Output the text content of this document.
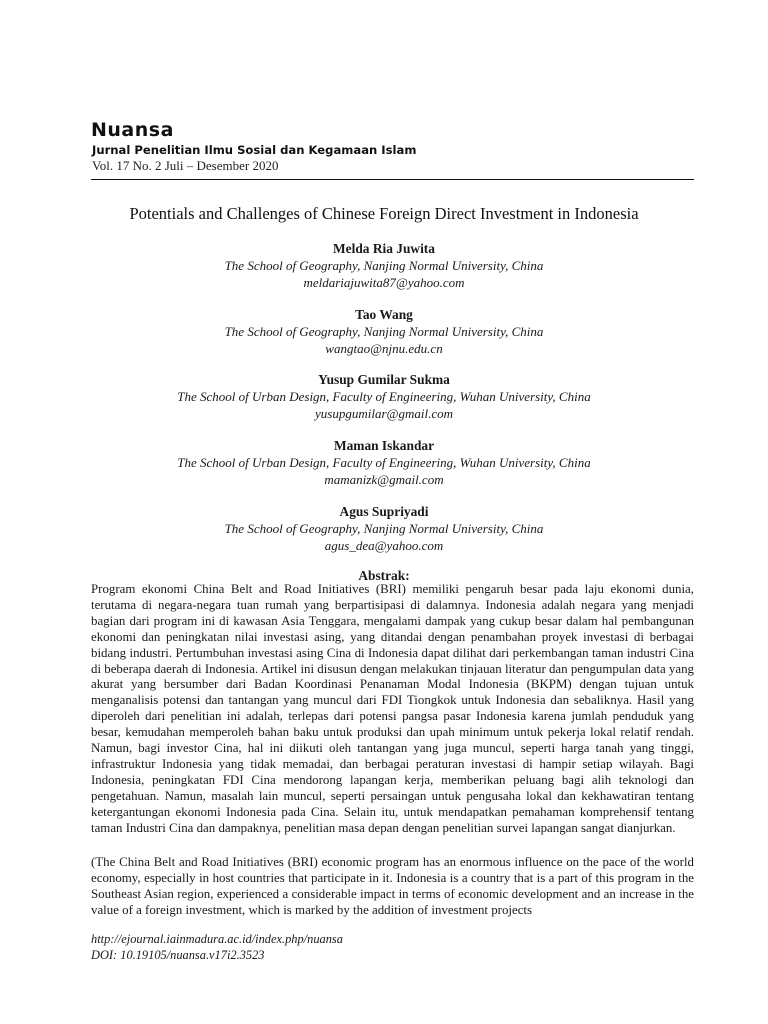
Nuansa
Jurnal Penelitian Ilmu Sosial dan Kegamaan Islam
Vol. 17 No. 2 Juli – Desember 2020
Potentials and Challenges of Chinese Foreign Direct Investment in Indonesia
Melda Ria Juwita
The School of Geography, Nanjing Normal University, China
meldariajuwita87@yahoo.com
Tao Wang
The School of Geography, Nanjing Normal University, China
wangtao@njnu.edu.cn
Yusup Gumilar Sukma
The School of Urban Design, Faculty of Engineering, Wuhan University, China
yusupgumilar@gmail.com
Maman Iskandar
The School of Urban Design, Faculty of Engineering, Wuhan University, China
mamanizk@gmail.com
Agus Supriyadi
The School of Geography, Nanjing Normal University, China
agus_dea@yahoo.com
Abstrak:
Program ekonomi China Belt and Road Initiatives (BRI) memiliki pengaruh besar pada laju ekonomi dunia, terutama di negara-negara tuan rumah yang berpartisipasi di dalamnya. Indonesia adalah negara yang menjadi bagian dari program ini di kawasan Asia Tenggara, mengalami dampak yang cukup besar dalam hal pembangunan ekonomi dan peningkatan nilai investasi asing, yang ditandai dengan penambahan proyek investasi di berbagai bidang industri. Pertumbuhan investasi asing Cina di Indonesia dapat dilihat dari perkembangan taman industri Cina di beberapa daerah di Indonesia. Artikel ini disusun dengan melakukan tinjauan literatur dan pengumpulan data yang akurat yang bersumber dari Badan Koordinasi Penanaman Modal Indonesia (BKPM) dengan tujuan untuk menganalisis potensi dan tantangan yang muncul dari FDI Tiongkok untuk Indonesia dan sebaliknya. Hasil yang diperoleh dari penelitian ini adalah, terlepas dari potensi pangsa pasar Indonesia karena jumlah penduduk yang besar, kemudahan memperoleh bahan baku untuk produksi dan upah minimum untuk pekerja lokal relatif rendah. Namun, bagi investor Cina, hal ini diikuti oleh tantangan yang juga muncul, seperti harga tanah yang tinggi, infrastruktur Indonesia yang tidak memadai, dan berbagai peraturan investasi di hampir setiap wilayah. Bagi Indonesia, peningkatan FDI Cina mendorong lapangan kerja, memberikan peluang bagi alih teknologi dan pengetahuan. Namun, masalah lain muncul, seperti persaingan untuk pengusaha lokal dan kekhawatiran tentang ketergantungan ekonomi Indonesia pada Cina. Selain itu, untuk mendapatkan pemahaman komprehensif tentang taman Industri Cina dan dampaknya, penelitian masa depan dengan penelitian survei lapangan sangat dianjurkan.
(The China Belt and Road Initiatives (BRI) economic program has an enormous influence on the pace of the world economy, especially in host countries that participate in it. Indonesia is a country that is a part of this program in the Southeast Asian region, experienced a considerable impact in terms of economic development and an increase in the value of a foreign investment, which is marked by the addition of investment projects
http://ejournal.iainmadura.ac.id/index.php/nuansa
DOI: 10.19105/nuansa.v17i2.3523
